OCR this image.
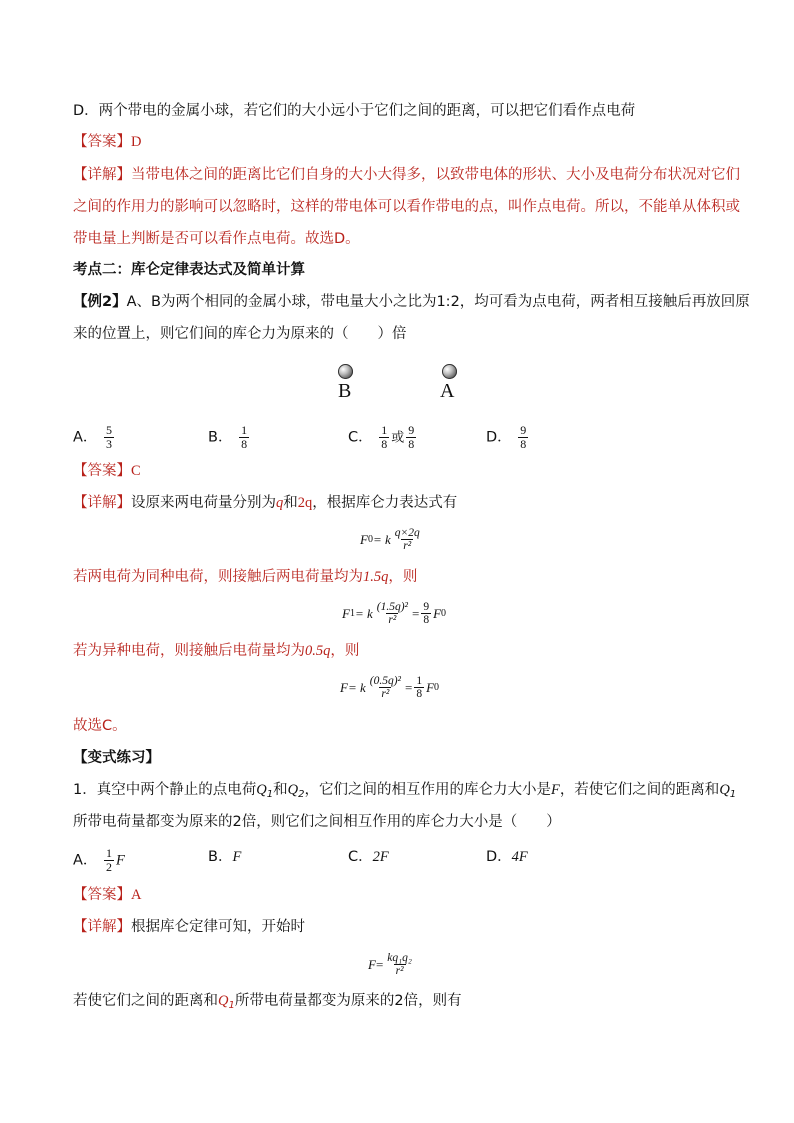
D．两个带电的金属小球，若它们的大小远小于它们之间的距离，可以把它们看作点电荷
【答案】D
【详解】当带电体之间的距离比它们自身的大小大得多，以致带电体的形状、大小及电荷分布状况对它们
之间的作用力的影响可以忽略时，这样的带电体可以看作带电的点，叫作点电荷。所以，不能单从体积或
带电量上判断是否可以看作点电荷。故选D。
考点二：库仑定律表达式及简单计算
【例2】A、B为两个相同的金属小球，带电量大小之比为1:2，均可看为点电荷，两者相互接触后再放回原
来的位置上，则它们间的库仑力为原来的（　　）倍
B	A
A． $\frac{5}{3}$	B． $\frac{1}{8}$	C． $\frac{1}{8}$ 或 $\frac{9}{8}$	D． $\frac{9}{8}$
【答案】C
【详解】设原来两电荷量分别为q和2q，根据库仑力表达式有
F 0 = k $\frac{q\times 2q}{\text{r²}}$
若两电荷为同种电荷，则接触后两电荷量均为1.5q，则
F 1 = k $\frac{\text{(1.5q)²}}{\text{r²}} = \frac{9}{8}$ F 0
若为异种电荷，则接触后电荷量均为0.5q，则
F = k $\frac{\text{(0.5q)²}}{\text{r²}} = \frac{1}{8}$ F 0
故选C。
【变式练习】
1．真空中两个静止的点电荷$Q_1$和$Q_2$，它们之间的相互作用的库仑力大小是F，若使它们之间的距离和$Q_1$
所带电荷量都变为原来的2倍，则它们之间相互作用的库仑力大小是（　　）
A． $\frac{1}{2}$ F	B．F	C．2F	D．4F
【答案】A
【详解】根据库仑定律可知，开始时
$F = \frac{\text{kq₁q₂}}{\text{r²}}$
若使它们之间的距离和$Q_1$所带电荷量都变为原来的2倍，则有
